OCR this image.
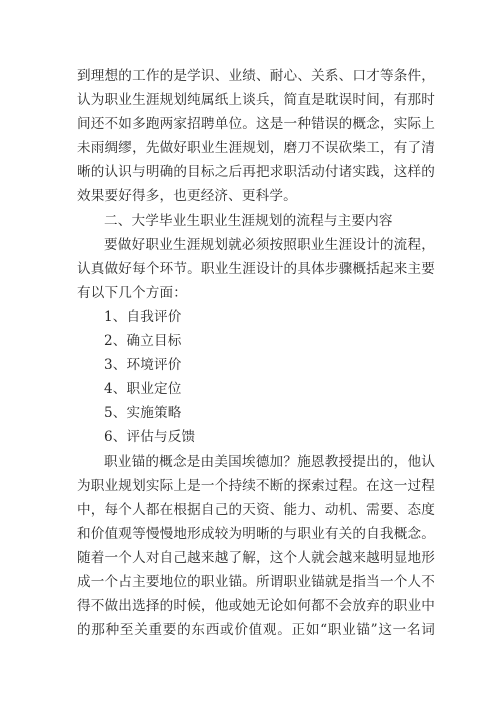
到理想的工作的是学识、业绩、耐心、关系、口才等条件，
认为职业生涯规划纯属纸上谈兵，简直是耽误时间，有那时
间还不如多跑两家招聘单位。这是一种错误的概念，实际上
未雨绸缪，先做好职业生涯规划，磨刀不误砍柴工，有了清
晰的认识与明确的目标之后再把求职活动付诸实践，这样的
效果要好得多，也更经济、更科学。
二、大学毕业生职业生涯规划的流程与主要内容
要做好职业生涯规划就必须按照职业生涯设计的流程，
认真做好每个环节。职业生涯设计的具体步骤概括起来主要
有以下几个方面：
1、自我评价
2、确立目标
3、环境评价
4、职业定位
5、实施策略
6、评估与反馈
职业锚的概念是由美国埃德加？施恩教授提出的，他认
为职业规划实际上是一个持续不断的探索过程。在这一过程
中，每个人都在根据自己的天资、能力、动机、需要、态度
和价值观等慢慢地形成较为明晰的与职业有关的自我概念。
随着一个人对自己越来越了解，这个人就会越来越明显地形
成一个占主要地位的职业锚。所谓职业锚就是指当一个人不
得不做出选择的时候，他或她无论如何都不会放弃的职业中
的那种至关重要的东西或价值观。正如“职业锚”这一名词
